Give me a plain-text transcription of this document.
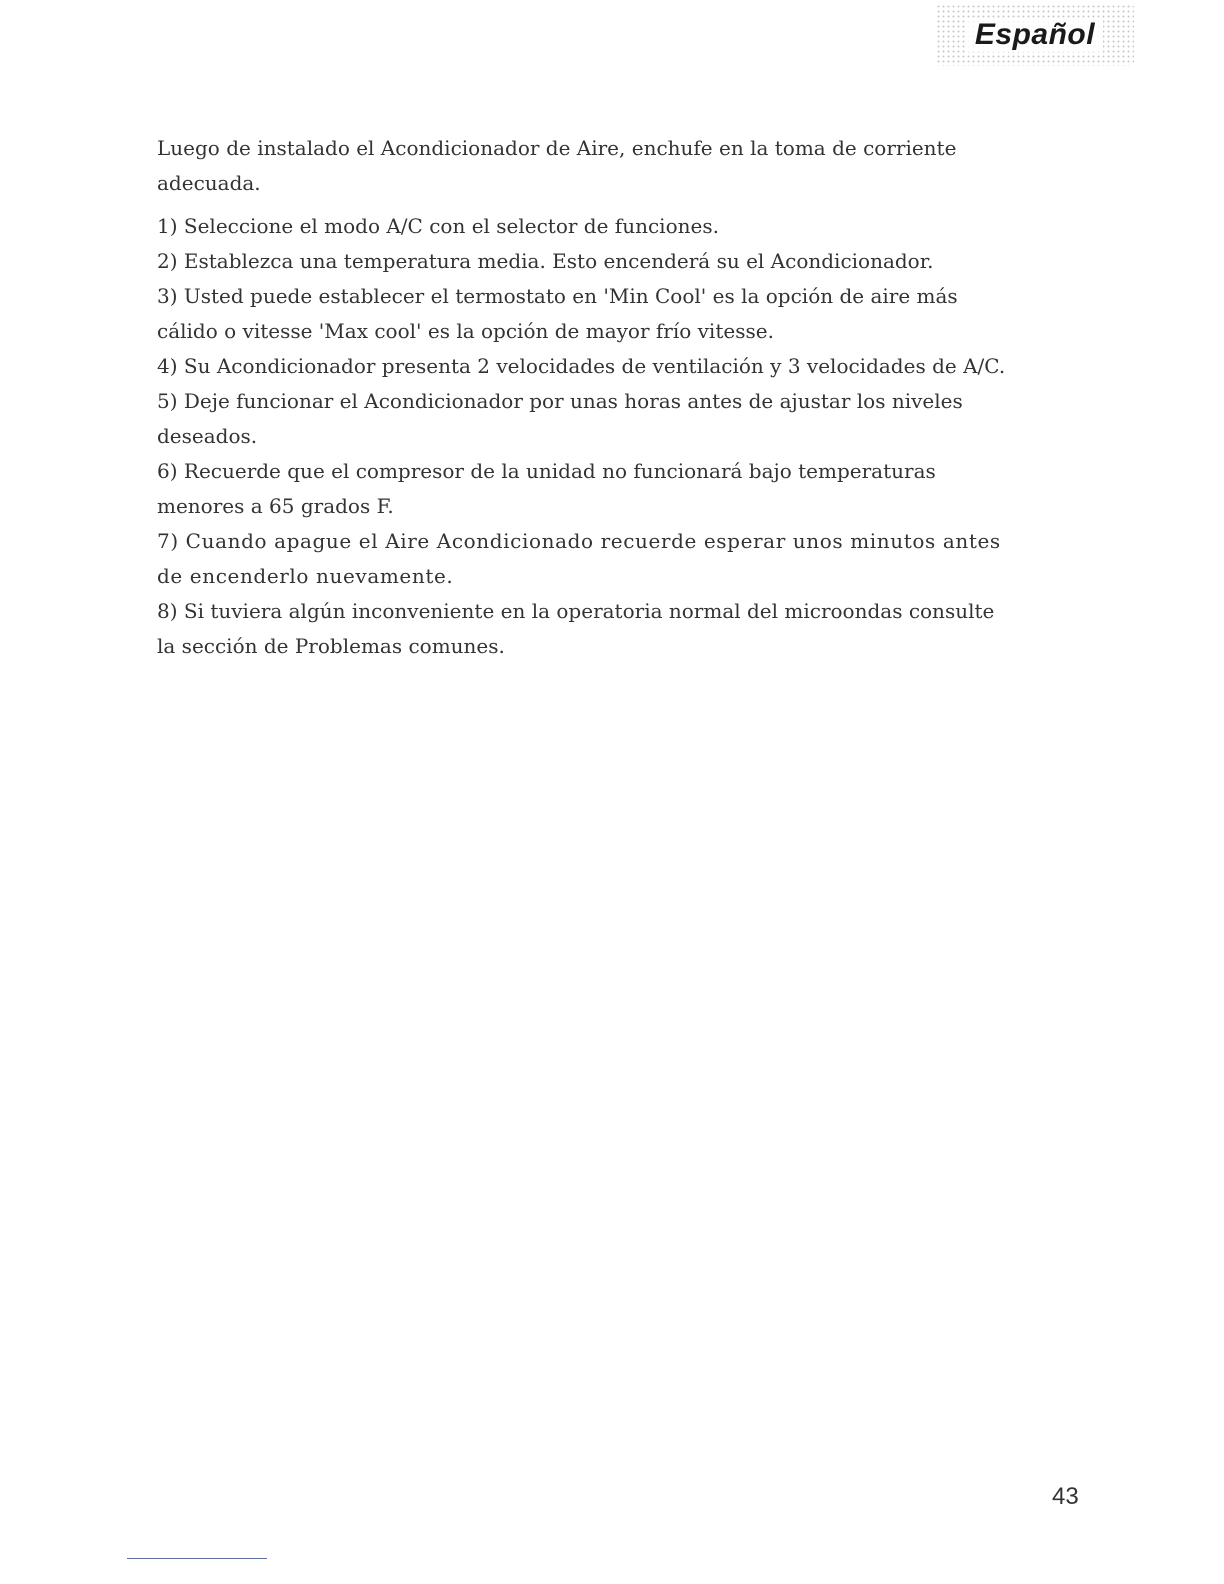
Español

Luego de instalado el Acondicionador de Aire, enchufe en la toma de corriente adecuada.

1) Seleccione el modo A/C con el selector de funciones.

2) Establezca una temperatura media. Esto encenderá su el Acondicionador.

3) Usted puede establecer el termostato en 'Min Cool' es la opción de aire más cálido o vitesse 'Max cool' es la opción de mayor frío vitesse.

4) Su Acondicionador presenta 2 velocidades de ventilación y 3 velocidades de A/C.

5) Deje funcionar el Acondicionador por unas horas antes de ajustar los niveles deseados.

6) Recuerde que el compresor de la unidad no funcionará bajo temperaturas menores a 65 grados F.

7) Cuando apague el Aire Acondicionado recuerde esperar unos minutos antes de encenderlo nuevamente.

8) Si tuviera algún inconveniente en la operatoria normal del microondas consulte la sección de Problemas comunes.

43
